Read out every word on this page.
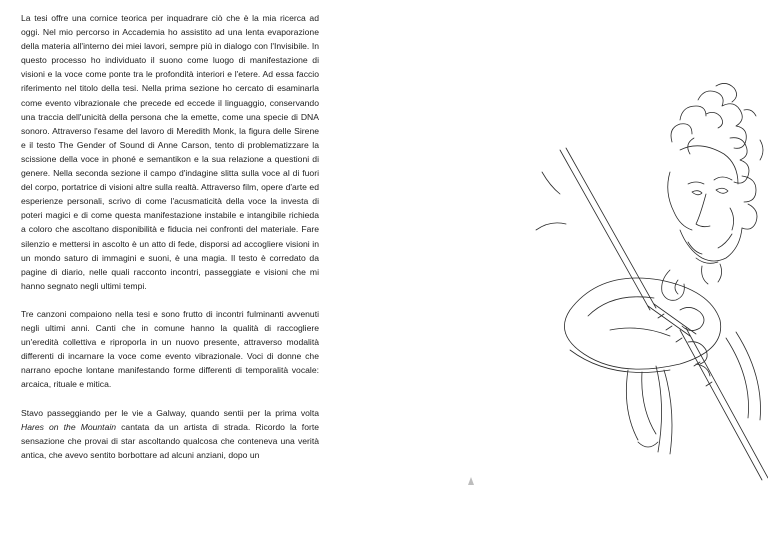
La tesi offre una cornice teorica per inquadrare ciò che è la mia ricerca ad oggi. Nel mio percorso in Accademia ho assistito ad una lenta evaporazione della materia all'interno dei miei lavori, sempre più in dialogo con l'Invisibile. In questo processo ho individuato il suono come luogo di manifestazione di visioni e la voce come ponte tra le profondità interiori e l'etere. Ad essa faccio riferimento nel titolo della tesi. Nella prima sezione ho cercato di esaminarla come evento vibrazionale che precede ed eccede il linguaggio, conservando una traccia dell'unicità della persona che la emette, come una specie di DNA sonoro. Attraverso l'esame del lavoro di Meredith Monk, la figura delle Sirene e il testo The Gender of Sound di Anne Carson, tento di problematizzare la scissione della voce in phoné e semantikon e la sua relazione a questioni di genere. Nella seconda sezione il campo d'indagine slitta sulla voce al di fuori del corpo, portatrice di visioni altre sulla realtà. Attraverso film, opere d'arte ed esperienze personali, scrivo di come l'acusmaticità della voce la investa di poteri magici e di come questa manifestazione instabile e intangibile richieda a coloro che ascoltano disponibilità e fiducia nei confronti del materiale. Fare silenzio e mettersi in ascolto è un atto di fede, disporsi ad accogliere visioni in un mondo saturo di immagini e suoni, è una magia. Il testo è corredato da pagine di diario, nelle quali racconto incontri, passeggiate e visioni che mi hanno segnato negli ultimi tempi.

Tre canzoni compaiono nella tesi e sono frutto di incontri fulminanti avvenuti negli ultimi anni. Canti che in comune hanno la qualità di raccogliere un'eredità collettiva e riproporla in un nuovo presente, attraverso modalità differenti di incarnare la voce come evento vibrazionale. Voci di donne che narrano epoche lontane manifestando forme differenti di temporalità vocale: arcaica, rituale e mitica.

Stavo passeggiando per le vie a Galway, quando sentii per la prima volta Hares on the Mountain cantata da un artista di strada. Ricordo la forte sensazione che provai di star ascoltando qualcosa che conteneva una verità antica, che avevo sentito borbottare ad alcuni anziani, dopo un
